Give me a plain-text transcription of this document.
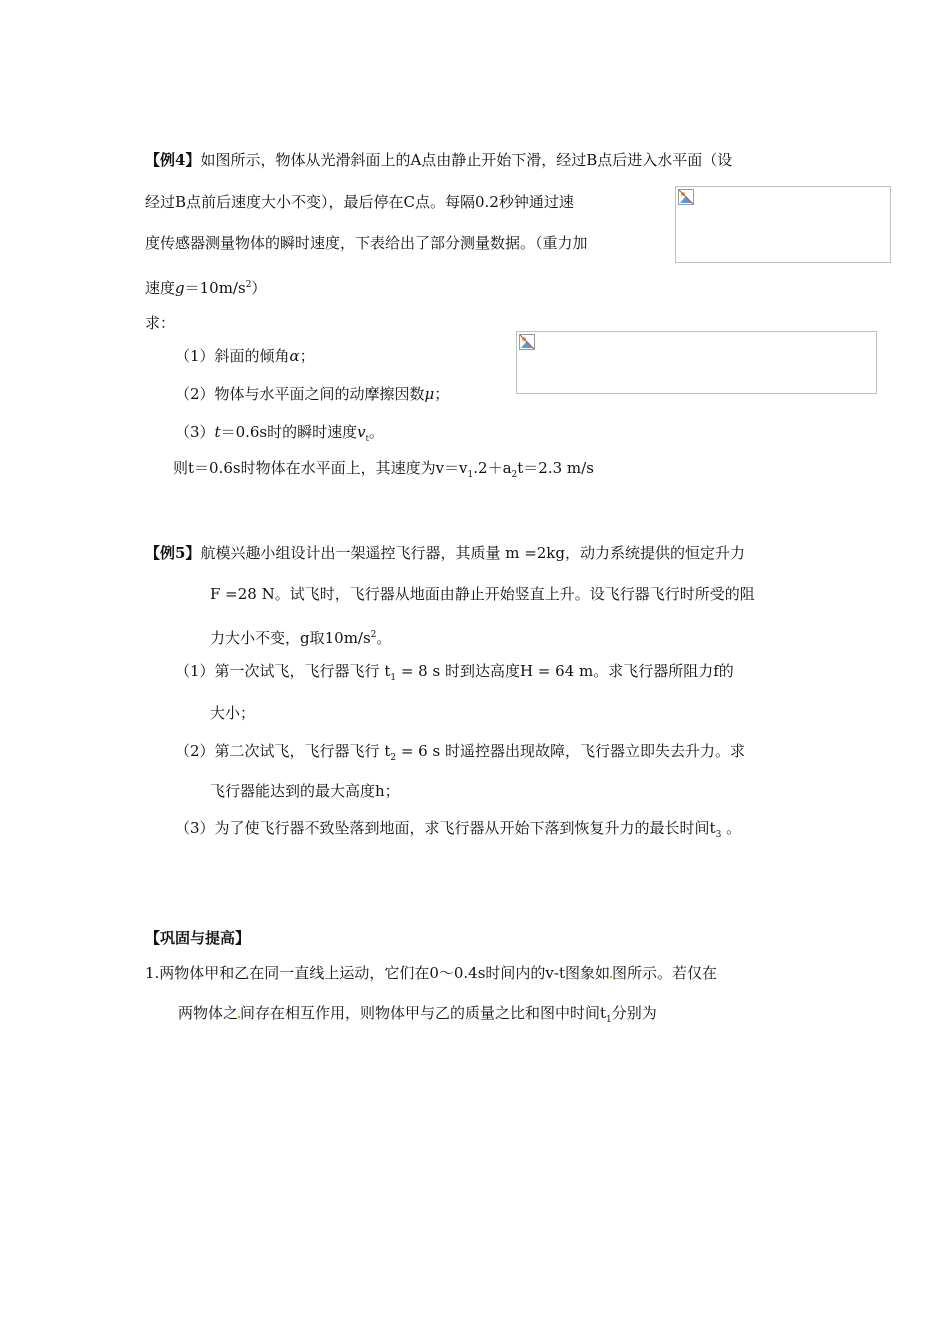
【例4】如图所示，物体从光滑斜面上的A点由静止开始下滑，经过B点后进入水平面（设
经过B点前后速度大小不变），最后停在C点。每隔0.2秒钟通过速
度传感器测量物体的瞬时速度，下表给出了部分测量数据。（重力加
速度$g=10m/s^2$）
求：
（1）斜面的倾角α；
（2）物体与水平面之间的动摩擦因数μ；
（3）t＝0.6s时的瞬时速度$v_t$。
则t＝0.6s时物体在水平面上，其速度为$v=v_1.2+a_2t=2.3$ m/s
【例5】航模兴趣小组设计出一架遥控飞行器，其质量 m =2kg，动力系统提供的恒定升力
F =28 N。试飞时，飞行器从地面由静止开始竖直上升。设飞行器飞行时所受的阻
力大小不变，g取$10m/s^2$。
（1）第一次试飞，飞行器飞行 $t_1 = 8$ s 时到达高度H = 64 m。求飞行器所阻力f的
大小；
（2）第二次试飞，飞行器飞行 $t_2 = 6$ s 时遥控器出现故障，飞行器立即失去升力。求
飞行器能达到的最大高度h；
（3）为了使飞行器不致坠落到地面，求飞行器从开始下落到恢复升力的最长时间$t_3$ 。
【巩固与提高】
1.两物体甲和乙在同一直线上运动，它们在0～0.4s时间内的v-t图象如 图所示。若仅在
两物体之 间存在相互作用，则物体甲与乙的质量之比和图中时间$t_1$分别为
